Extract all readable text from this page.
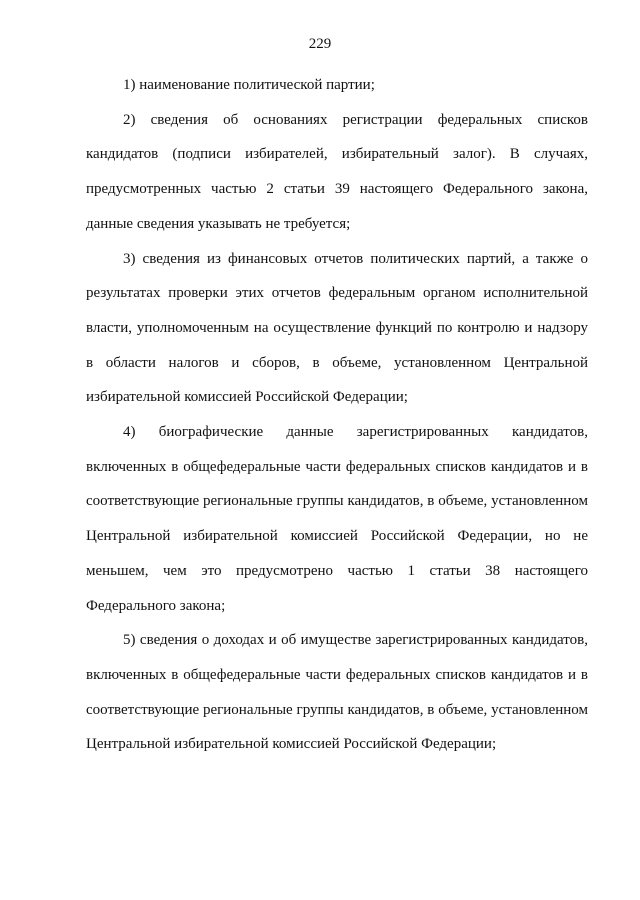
229

1) наименование политической партии;

2) сведения об основаниях регистрации федеральных списков кандидатов (подписи избирателей, избирательный залог). В случаях, предусмотренных частью 2 статьи 39 настоящего Федерального закона, данные сведения указывать не требуется;

3) сведения из финансовых отчетов политических партий, а также о результатах проверки этих отчетов федеральным органом исполнительной власти, уполномоченным на осуществление функций по контролю и надзору в области налогов и сборов, в объеме, установленном Центральной избирательной комиссией Российской Федерации;

4) биографические данные зарегистрированных кандидатов, включенных в общефедеральные части федеральных списков кандидатов и в соответствующие региональные группы кандидатов, в объеме, установленном Центральной избирательной комиссией Российской Федерации, но не меньшем, чем это предусмотрено частью 1 статьи 38 настоящего Федерального закона;

5) сведения о доходах и об имуществе зарегистрированных кандидатов, включенных в общефедеральные части федеральных списков кандидатов и в соответствующие региональные группы кандидатов, в объеме, установленном Центральной избирательной комиссией Российской Федерации;
